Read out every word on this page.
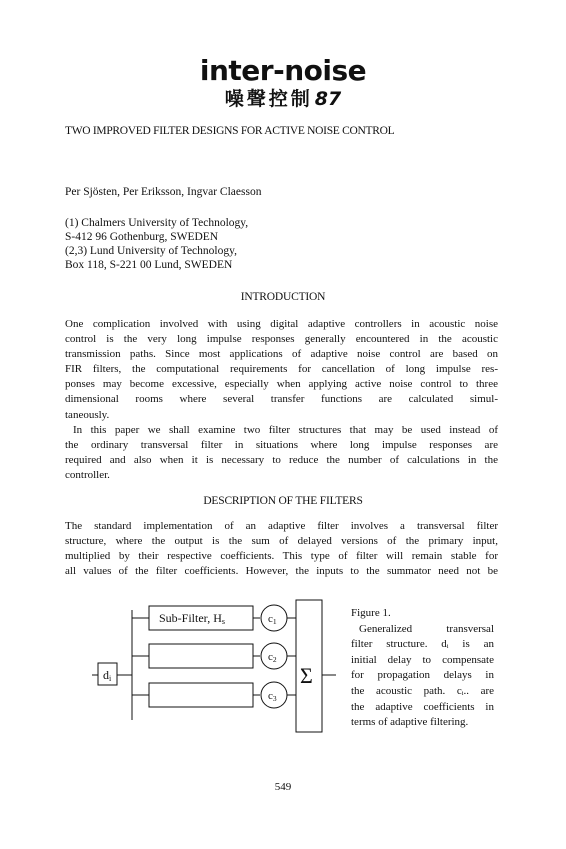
inter-noise
噪聲控制 87
TWO IMPROVED FILTER DESIGNS FOR ACTIVE NOISE CONTROL
Per Sjösten, Per Eriksson, Ingvar Claesson
(1) Chalmers University of Technology,
S-412 96 Gothenburg, SWEDEN
(2,3) Lund University of Technology,
Box 118, S-221 00 Lund, SWEDEN
INTRODUCTION
One complication involved with using digital adaptive controllers in acoustic noise
control is the very long impulse responses generally encountered in the acoustic
transmission paths. Since most applications of adaptive noise control are based on
FIR filters, the computational requirements for cancellation of long impulse res-
ponses may become excessive, especially when applying active noise control to three
dimensional rooms where several transfer functions are calculated simul-
taneously.
In this paper we shall examine two filter structures that may be used instead of
the ordinary transversal filter in situations where long impulse responses are
required and also when it is necessary to reduce the number of calculations in the
controller.
DESCRIPTION OF THE FILTERS
The standard implementation of an adaptive filter involves a transversal filter
structure, where the output is the sum of delayed versions of the primary input,
multiplied by their respective coefficients. This type of filter will remain stable for
all values of the filter coefficients. However, the inputs to the summator need not be
di
Sub-Filter, Hs	c1
c2
c3
Σ
Figure 1.
Generalized transversal
filter structure. dᵢ is an
initial delay to compensate
for propagation delays in
the acoustic path. cᵢ.. are
the adaptive coefficients in
terms of adaptive filtering.
549
